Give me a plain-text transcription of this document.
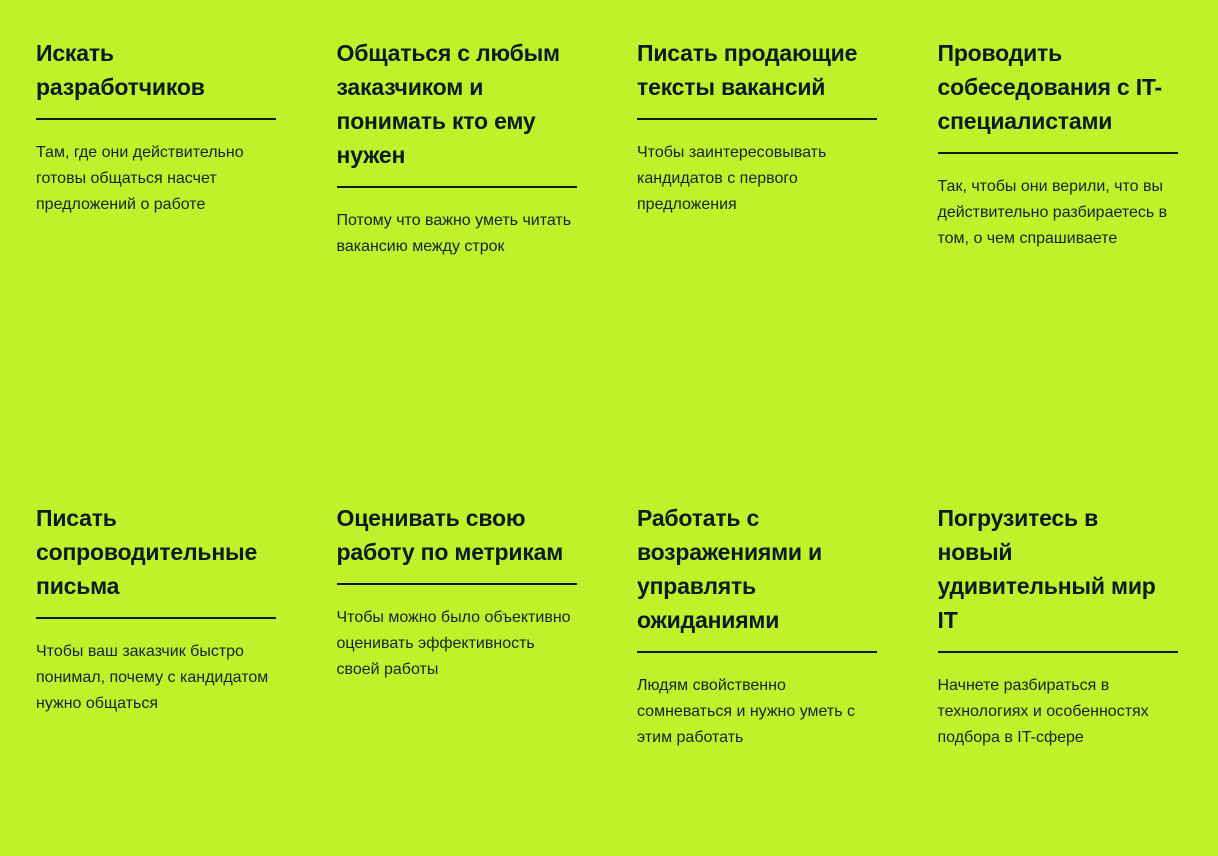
Искать разработчиков

Там, где они действительно готовы общаться насчет предложений о работе

Общаться с любым заказчиком и понимать кто ему нужен

Потому что важно уметь читать вакансию между строк

Писать продающие тексты вакансий

Чтобы заинтересовывать кандидатов с первого предложения

Проводить собеседования с IT-специалистами

Так, чтобы они верили, что вы действительно разбираетесь в том, о чем спрашиваете

Писать сопроводительные письма

Чтобы ваш заказчик быстро понимал, почему с кандидатом нужно общаться

Оценивать свою работу по метрикам

Чтобы можно было объективно оценивать эффективность своей работы

Работать с возражениями и управлять ожиданиями

Людям свойственно сомневаться и нужно уметь с этим работать

Погрузитесь в новый удивительный мир IT

Начнете разбираться в технологиях и особенностях подбора в IT-сфере
